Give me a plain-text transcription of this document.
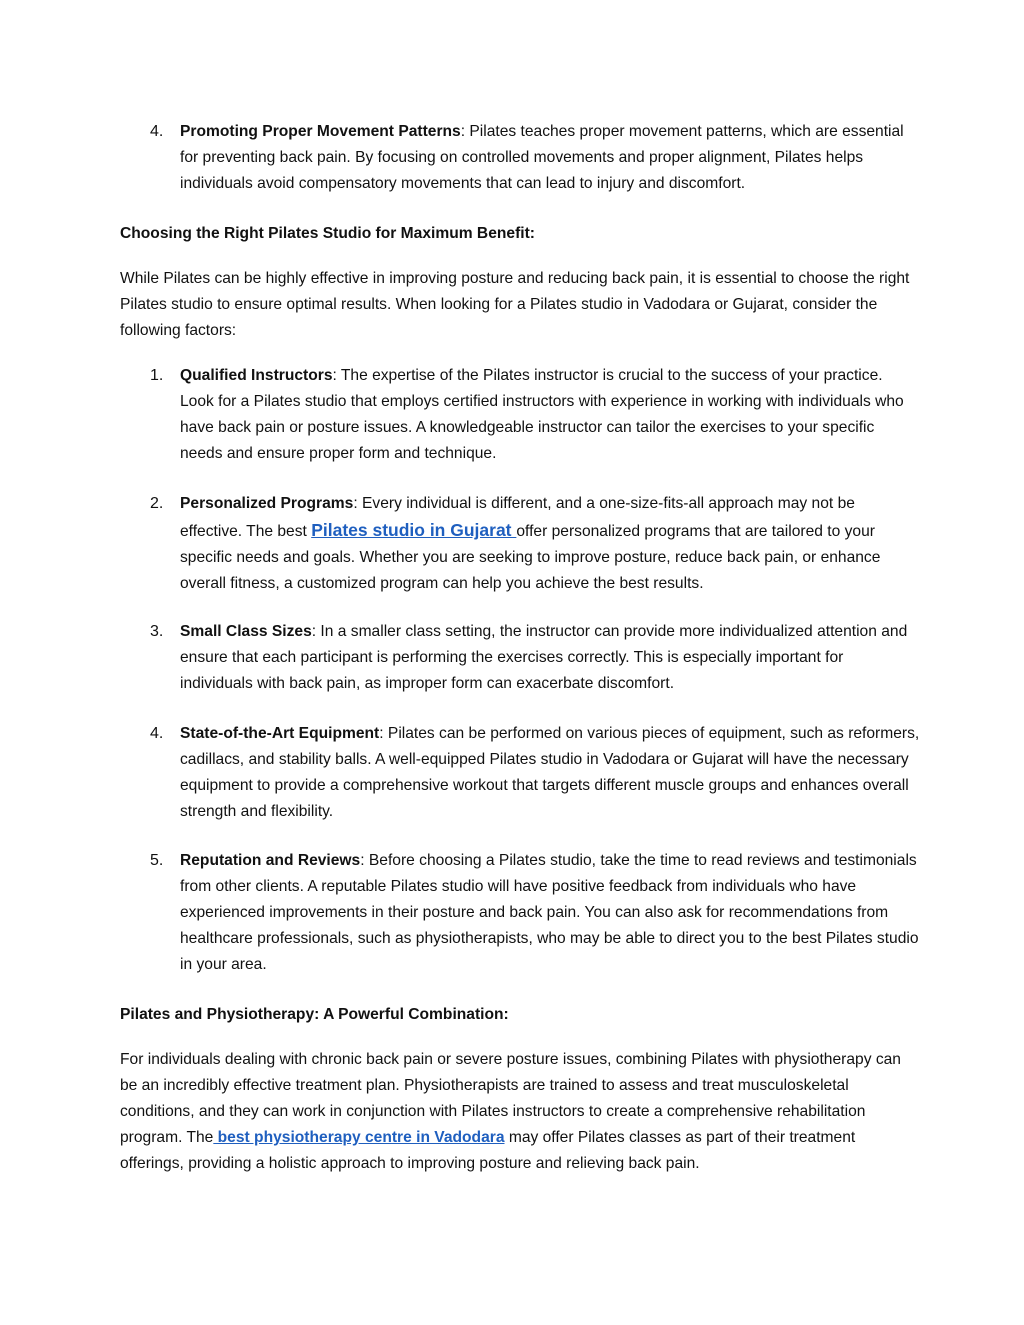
4.	Promoting Proper Movement Patterns: Pilates teaches proper movement patterns, which are essential for preventing back pain. By focusing on controlled movements and proper alignment, Pilates helps individuals avoid compensatory movements that can lead to injury and discomfort.
Choosing the Right Pilates Studio for Maximum Benefit:
While Pilates can be highly effective in improving posture and reducing back pain, it is essential to choose the right Pilates studio to ensure optimal results. When looking for a Pilates studio in Vadodara or Gujarat, consider the following factors:
1.	Qualified Instructors: The expertise of the Pilates instructor is crucial to the success of your practice. Look for a Pilates studio that employs certified instructors with experience in working with individuals who have back pain or posture issues. A knowledgeable instructor can tailor the exercises to your specific needs and ensure proper form and technique.
2.	Personalized Programs: Every individual is different, and a one-size-fits-all approach may not be effective. The best Pilates studio in Gujarat offer personalized programs that are tailored to your specific needs and goals. Whether you are seeking to improve posture, reduce back pain, or enhance overall fitness, a customized program can help you achieve the best results.
3.	Small Class Sizes: In a smaller class setting, the instructor can provide more individualized attention and ensure that each participant is performing the exercises correctly. This is especially important for individuals with back pain, as improper form can exacerbate discomfort.
4.	State-of-the-Art Equipment: Pilates can be performed on various pieces of equipment, such as reformers, cadillacs, and stability balls. A well-equipped Pilates studio in Vadodara or Gujarat will have the necessary equipment to provide a comprehensive workout that targets different muscle groups and enhances overall strength and flexibility.
5.	Reputation and Reviews: Before choosing a Pilates studio, take the time to read reviews and testimonials from other clients. A reputable Pilates studio will have positive feedback from individuals who have experienced improvements in their posture and back pain. You can also ask for recommendations from healthcare professionals, such as physiotherapists, who may be able to direct you to the best Pilates studio in your area.
Pilates and Physiotherapy: A Powerful Combination:
For individuals dealing with chronic back pain or severe posture issues, combining Pilates with physiotherapy can be an incredibly effective treatment plan. Physiotherapists are trained to assess and treat musculoskeletal conditions, and they can work in conjunction with Pilates instructors to create a comprehensive rehabilitation program. The best physiotherapy centre in Vadodara may offer Pilates classes as part of their treatment offerings, providing a holistic approach to improving posture and relieving back pain.
